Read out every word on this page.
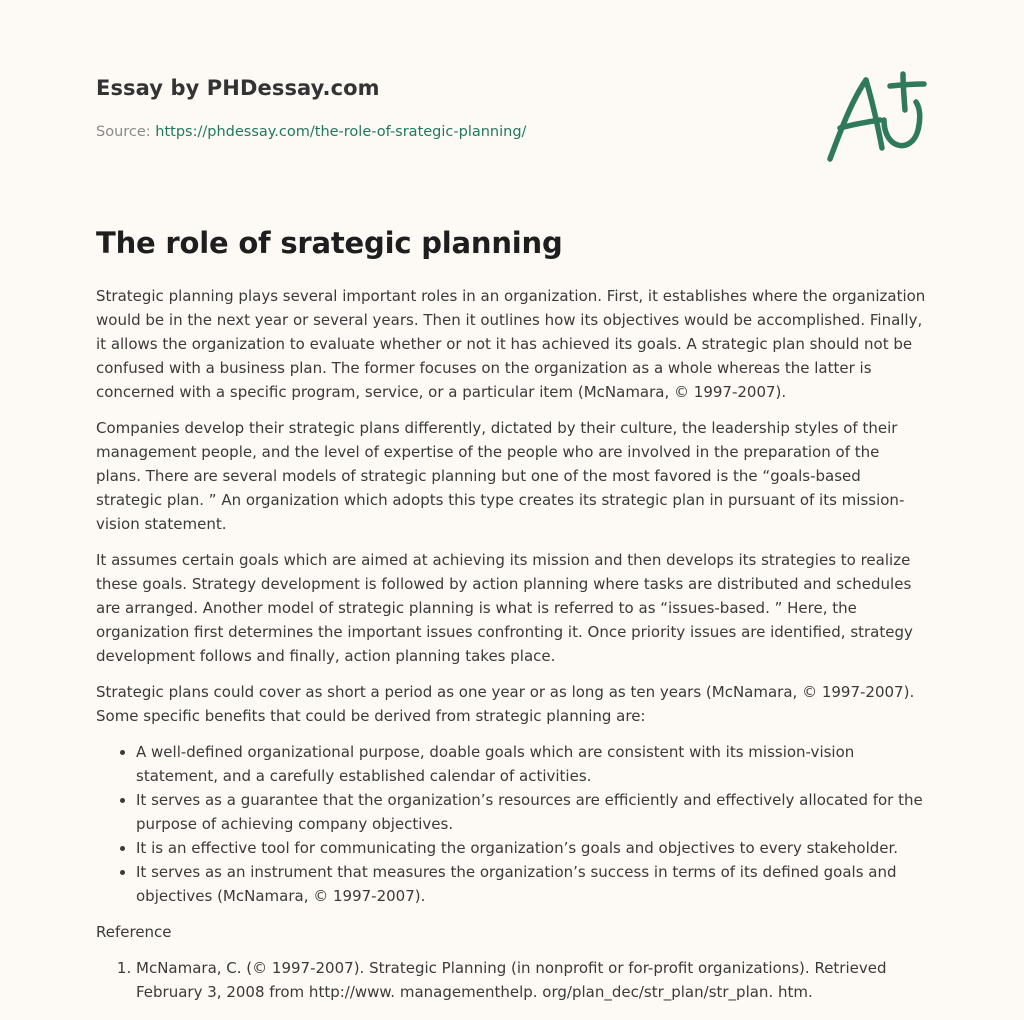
Essay by PHDessay.com
Source: https://phdessay.com/the-role-of-srategic-planning/
The role of srategic planning

Strategic planning plays several important roles in an organization. First, it establishes where the organization would be in the next year or several years. Then it outlines how its objectives would be accomplished. Finally, it allows the organization to evaluate whether or not it has achieved its goals. A strategic plan should not be confused with a business plan. The former focuses on the organization as a whole whereas the latter is concerned with a specific program, service, or a particular item (McNamara, © 1997-2007).

Companies develop their strategic plans differently, dictated by their culture, the leadership styles of their management people, and the level of expertise of the people who are involved in the preparation of the plans. There are several models of strategic planning but one of the most favored is the “goals-based strategic plan. ” An organization which adopts this type creates its strategic plan in pursuant of its mission-vision statement.

It assumes certain goals which are aimed at achieving its mission and then develops its strategies to realize these goals. Strategy development is followed by action planning where tasks are distributed and schedules are arranged. Another model of strategic planning is what is referred to as “issues-based. ” Here, the organization first determines the important issues confronting it. Once priority issues are identified, strategy development follows and finally, action planning takes place.

Strategic plans could cover as short a period as one year or as long as ten years (McNamara, © 1997-2007). Some specific benefits that could be derived from strategic planning are:

• A well-defined organizational purpose, doable goals which are consistent with its mission-vision statement, and a carefully established calendar of activities.
• It serves as a guarantee that the organization’s resources are efficiently and effectively allocated for the purpose of achieving company objectives.
• It is an effective tool for communicating the organization’s goals and objectives to every stakeholder.
• It serves as an instrument that measures the organization’s success in terms of its defined goals and objectives (McNamara, © 1997-2007).

Reference

1. McNamara, C. (© 1997-2007). Strategic Planning (in nonprofit or for-profit organizations). Retrieved February 3, 2008 from http://www. managementhelp. org/plan_dec/str_plan/str_plan. htm.
